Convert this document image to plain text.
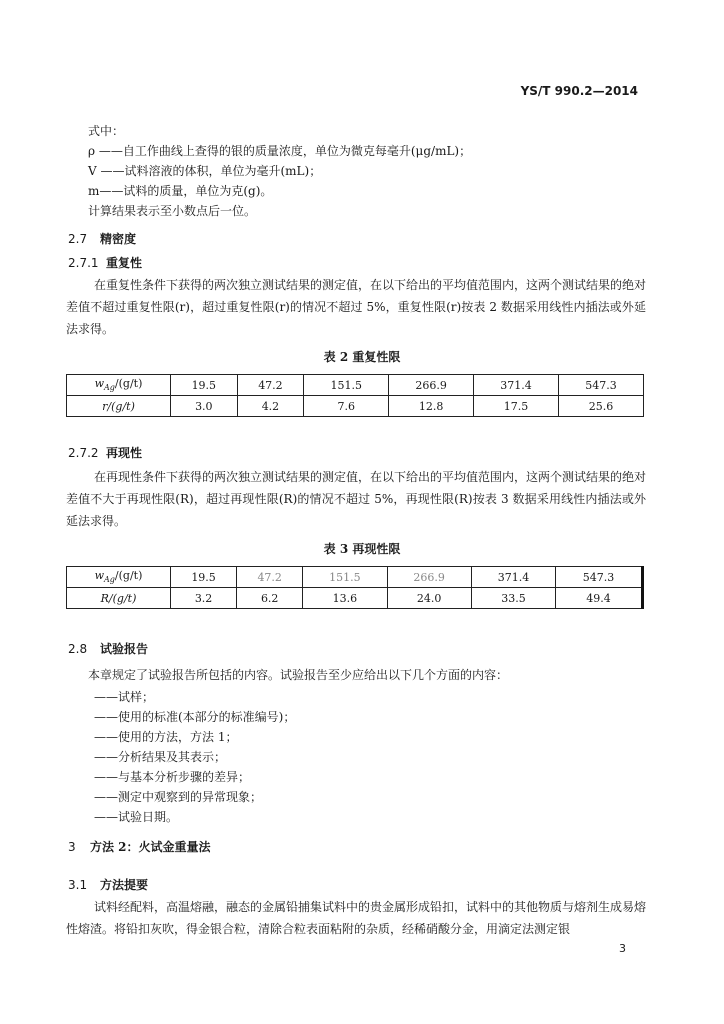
YS/T 990.2—2014
式中：
ρ ——自工作曲线上查得的银的质量浓度，单位为微克每毫升(μg/mL)；
V ——试料溶液的体积，单位为毫升(mL)；
m——试料的质量，单位为克(g)。
计算结果表示至小数点后一位。
2.7 精密度
2.7.1 重复性
在重复性条件下获得的两次独立测试结果的测定值，在以下给出的平均值范围内，这两个测试结果的绝对差值不超过重复性限(r)，超过重复性限(r)的情况不超过 5%，重复性限(r)按表 2 数据采用线性内插法或外延法求得。
表 2 重复性限
$w_{Ag}/(g/t)$	19.5	47.2	151.5	266.9	371.4	547.3
r/(g/t)	3.0	4.2	7.6	12.8	17.5	25.6
2.7.2 再现性
在再现性条件下获得的两次独立测试结果的测定值，在以下给出的平均值范围内，这两个测试结果的绝对差值不大于再现性限(R)，超过再现性限(R)的情况不超过 5%，再现性限(R)按表 3 数据采用线性内插法或外延法求得。
表 3 再现性限
$w_{Ag}/(g/t)$	19.5	47.2	151.5	266.9	371.4	547.3
R/(g/t)	3.2	6.2	13.6	24.0	33.5	49.4
2.8 试验报告
本章规定了试验报告所包括的内容。试验报告至少应给出以下几个方面的内容：
——试样；
——使用的标准(本部分的标准编号)；
——使用的方法，方法 1；
——分析结果及其表示；
——与基本分析步骤的差异；
——测定中观察到的异常现象；
——试验日期。
3 方法 2：火试金重量法
3.1 方法提要
试料经配料，高温熔融，融态的金属铅捕集试料中的贵金属形成铅扣，试料中的其他物质与熔剂生成易熔性熔渣。将铅扣灰吹，得金银合粒，清除合粒表面粘附的杂质，经稀硝酸分金，用滴定法测定银
3
